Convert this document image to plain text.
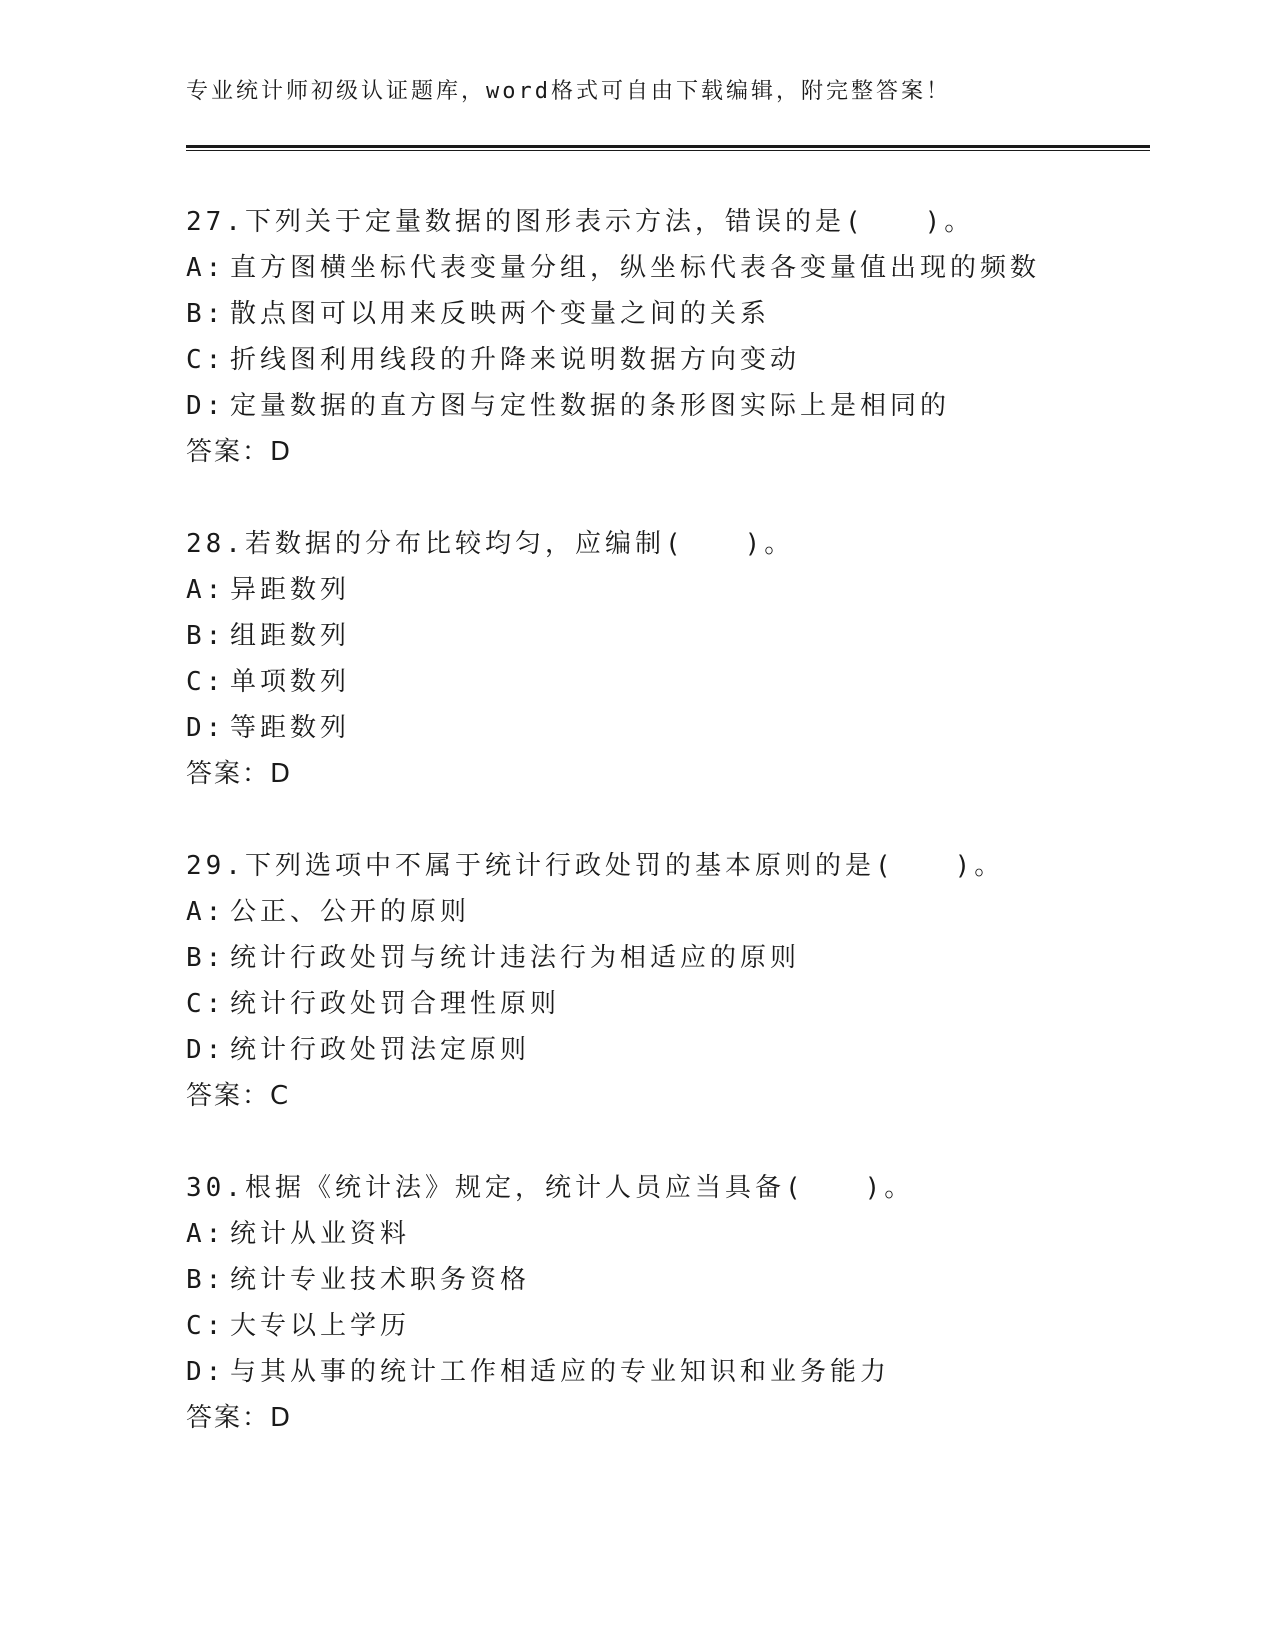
专业统计师初级认证题库，word格式可自由下载编辑，附完整答案！
27.下列关于定量数据的图形表示方法，错误的是(　　)。
A: 直方图横坐标代表变量分组，纵坐标代表各变量值出现的频数
B: 散点图可以用来反映两个变量之间的关系
C: 折线图利用线段的升降来说明数据方向变动
D: 定量数据的直方图与定性数据的条形图实际上是相同的
答案：D
28.若数据的分布比较均匀，应编制(　　)。
A: 异距数列
B: 组距数列
C: 单项数列
D: 等距数列
答案：D
29.下列选项中不属于统计行政处罚的基本原则的是(　　)。
A: 公正、公开的原则
B: 统计行政处罚与统计违法行为相适应的原则
C: 统计行政处罚合理性原则
D: 统计行政处罚法定原则
答案：C
30.根据《统计法》规定，统计人员应当具备(　　)。
A: 统计从业资料
B: 统计专业技术职务资格
C: 大专以上学历
D: 与其从事的统计工作相适应的专业知识和业务能力
答案：D
